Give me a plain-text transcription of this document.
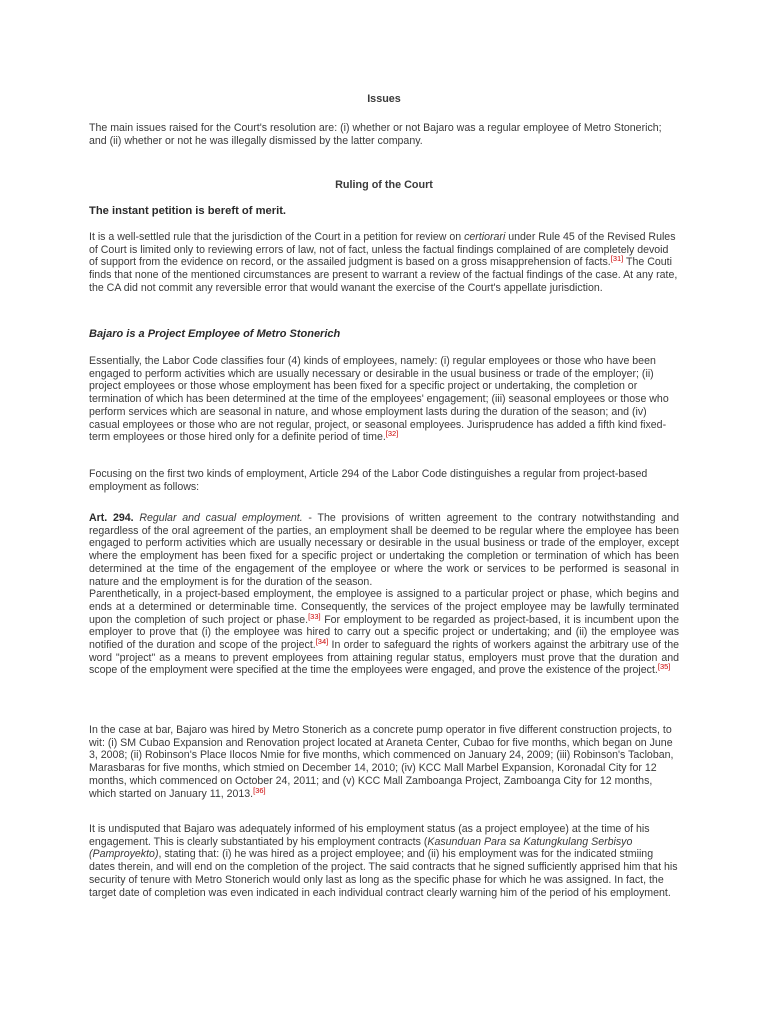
Issues

The main issues raised for the Court's resolution are: (i) whether or not Bajaro was a regular employee of Metro Stonerich; and (ii) whether or not he was illegally dismissed by the latter company.

Ruling of the Court
The instant petition is bereft of merit.

It is a well-settled rule that the jurisdiction of the Court in a petition for review on certiorari under Rule 45 of the Revised Rules of Court is limited only to reviewing errors of law, not of fact, unless the factual findings complained of are completely devoid of support from the evidence on record, or the assailed judgment is based on a gross misapprehension of facts.[31] The Couti finds that none of the mentioned circumstances are present to warrant a review of the factual findings of the case. At any rate, the CA did not commit any reversible error that would wanant the exercise of the Court's appellate jurisdiction.

Bajaro is a Project Employee of Metro Stonerich

Essentially, the Labor Code classifies four (4) kinds of employees, namely: (i) regular employees or those who have been engaged to perform activities which are usually necessary or desirable in the usual business or trade of the employer; (ii) project employees or those whose employment has been fixed for a specific project or undertaking, the completion or termination of which has been determined at the time of the employees' engagement; (iii) seasonal employees or those who perform services which are seasonal in nature, and whose employment lasts during the duration of the season; and (iv) casual employees or those who are not regular, project, or seasonal employees. Jurisprudence has added a fifth kind fixed-term employees or those hired only for a definite period of time.[32]

Focusing on the first two kinds of employment, Article 294 of the Labor Code distinguishes a regular from project-based employment as follows:

Art. 294. Regular and casual employment. - The provisions of written agreement to the contrary notwithstanding and regardless of the oral agreement of the parties, an employment shall be deemed to be regular where the employee has been engaged to perform activities which are usually necessary or desirable in the usual business or trade of the employer, except where the employment has been fixed for a specific project or undertaking the completion or termination of which has been determined at the time of the engagement of the employee or where the work or services to be performed is seasonal in nature and the employment is for the duration of the season.
Parenthetically, in a project-based employment, the employee is assigned to a particular project or phase, which begins and ends at a determined or determinable time. Consequently, the services of the project employee may be lawfully terminated upon the completion of such project or phase.[33] For employment to be regarded as project-based, it is incumbent upon the employer to prove that (i) the employee was hired to carry out a specific project or undertaking; and (ii) the employee was notified of the duration and scope of the project.[34] In order to safeguard the rights of workers against the arbitrary use of the word "project" as a means to prevent employees from attaining regular status, employers must prove that the duration and scope of the employment were specified at the time the employees were engaged, and prove the existence of the project.[35]

In the case at bar, Bajaro was hired by Metro Stonerich as a concrete pump operator in five different construction projects, to wit: (i) SM Cubao Expansion and Renovation project located at Araneta Center, Cubao for five months, which began on June 3, 2008; (ii) Robinson's Place Ilocos Nmie for five months, which commenced on January 24, 2009; (iii) Robinson's Tacloban, Marasbaras for five months, which stmied on December 14, 2010; (iv) KCC Mall Marbel Expansion, Koronadal City for 12 months, which commenced on October 24, 2011; and (v) KCC Mall Zamboanga Project, Zamboanga City for 12 months, which started on January 11, 2013.[36]

It is undisputed that Bajaro was adequately informed of his employment status (as a project employee) at the time of his engagement. This is clearly substantiated by his employment contracts (Kasunduan Para sa Katungkulang Serbisyo (Pamproyekto), stating that: (i) he was hired as a project employee; and (ii) his employment was for the indicated stmiing dates therein, and will end on the completion of the project. The said contracts that he signed sufficiently apprised him that his security of tenure with Metro Stonerich would only last as long as the specific phase for which he was assigned. In fact, the target date of completion was even indicated in each individual contract clearly warning him of the period of his employment.
